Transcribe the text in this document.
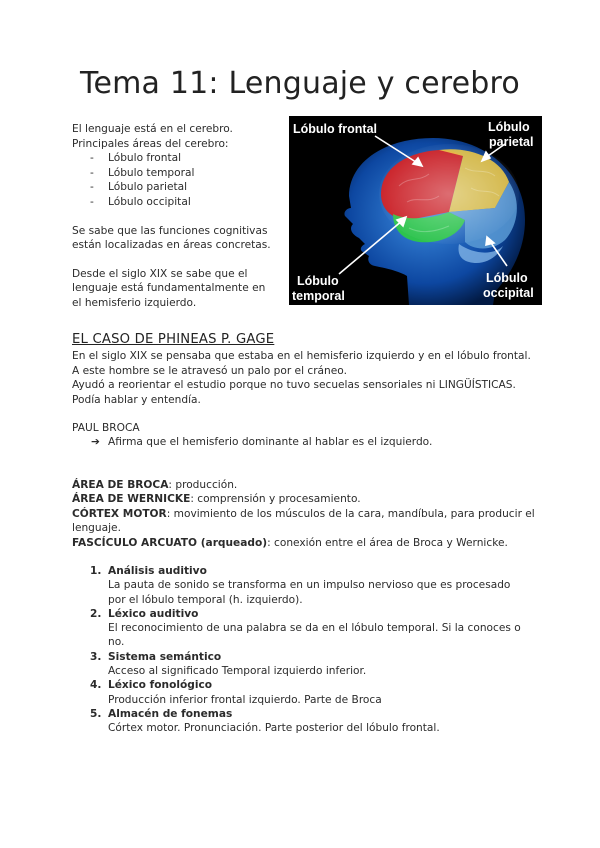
Tema 11: Lenguaje y cerebro

El lenguaje está en el cerebro.

Principales áreas del cerebro:

- Lóbulo frontal
- Lóbulo temporal
- Lóbulo parietal
- Lóbulo occipital

Se sabe que las funciones cognitivas están localizadas en áreas concretas.

Desde el siglo XIX se sabe que el lenguaje está fundamentalmente en el hemisferio izquierdo.

Lóbulo frontal	Lóbulo
parietal
Lóbulo
temporal
Lóbulo
occipital
EL CASO DE PHINEAS P. GAGE

En el siglo XIX se pensaba que estaba en el hemisferio izquierdo y en el lóbulo frontal.

A este hombre se le atravesó un palo por el cráneo.

Ayudó a reorientar el estudio porque no tuvo secuelas sensoriales ni LINGÜÍSTICAS. Podía hablar y entendía.

PAUL BROCA

➔ Afirma que el hemisferio dominante al hablar es el izquierdo.

ÁREA DE BROCA: producción.

ÁREA DE WERNICKE: comprensión y procesamiento.

CÓRTEX MOTOR: movimiento de los músculos de la cara, mandíbula, para producir el lenguaje.

FASCÍCULO ARCUATO (arqueado): conexión entre el área de Broca y Wernicke.

1. Análisis auditivo
La pauta de sonido se transforma en un impulso nervioso que es procesado por el lóbulo temporal (h. izquierdo).
2. Léxico auditivo
El reconocimiento de una palabra se da en el lóbulo temporal. Si la conoces o no.
3. Sistema semántico
Acceso al significado Temporal izquierdo inferior.
4. Léxico fonológico
Producción inferior frontal izquierdo. Parte de Broca
5. Almacén de fonemas
Córtex motor. Pronunciación. Parte posterior del lóbulo frontal.
